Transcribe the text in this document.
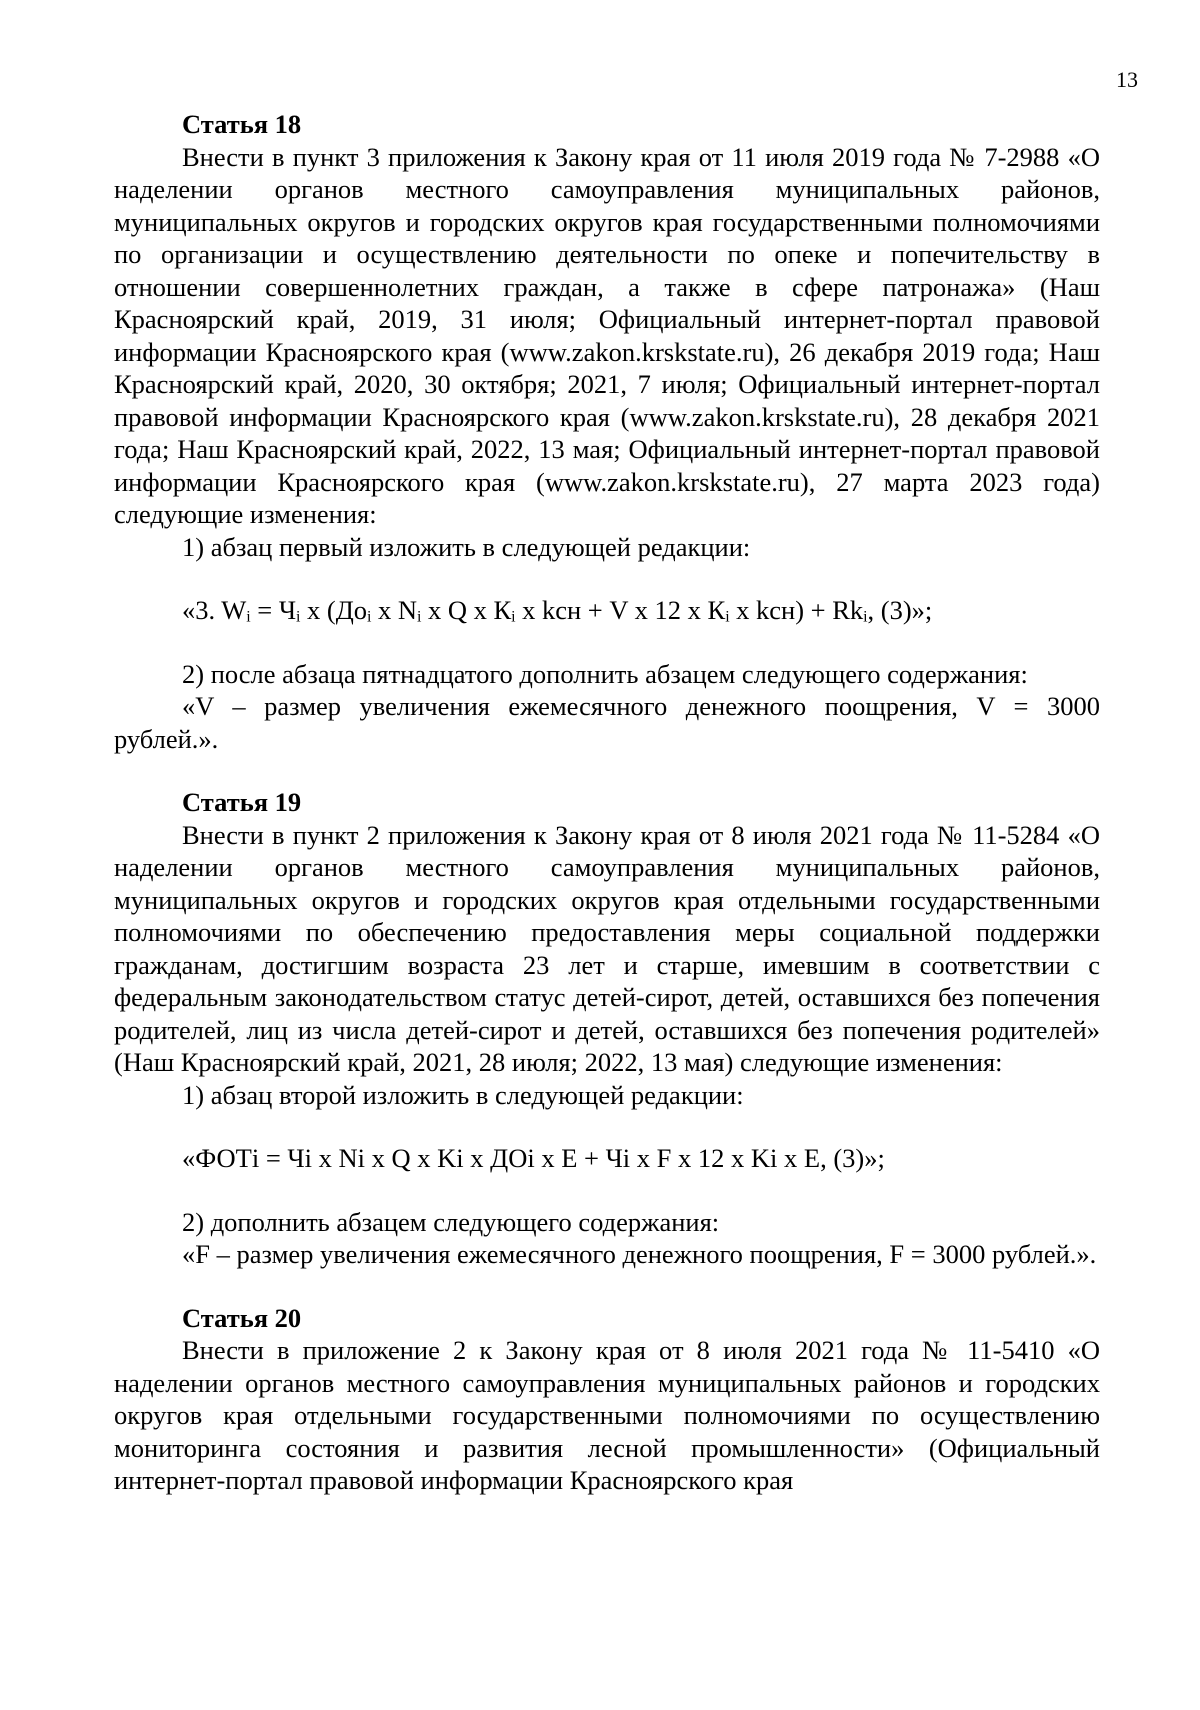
13

Статья 18

Внести в пункт 3 приложения к Закону края от 11 июля 2019 года № 7-2988 «О наделении органов местного самоуправления муниципальных районов, муниципальных округов и городских округов края государственными полномочиями по организации и осуществлению деятельности по опеке и попечительству в отношении совершеннолетних граждан, а также в сфере патронажа» (Наш Красноярский край, 2019, 31 июля; Официальный интернет-портал правовой информации Красноярского края (www.zakon.krskstate.ru), 26 декабря 2019 года; Наш Красноярский край, 2020, 30 октября; 2021, 7 июля; Официальный интернет-портал правовой информации Красноярского края (www.zakon.krskstate.ru), 28 декабря 2021 года; Наш Красноярский край, 2022, 13 мая; Официальный интернет-портал правовой информации Красноярского края (www.zakon.krskstate.ru), 27 марта 2023 года) следующие изменения:

1) абзац первый изложить в следующей редакции:

«3. Wᵢ = Чᵢ x (Доᵢ x Nᵢ x Q x Кᵢ x kсн + V x 12 x Кᵢ x kсн) + Rkᵢ, (3)»;

2) после абзаца пятнадцатого дополнить абзацем следующего содержания:

«V – размер увеличения ежемесячного денежного поощрения, V = 3000 рублей.».

Статья 19

Внести в пункт 2 приложения к Закону края от 8 июля 2021 года № 11-5284 «О наделении органов местного самоуправления муниципальных районов, муниципальных округов и городских округов края отдельными государственными полномочиями по обеспечению предоставления меры социальной поддержки гражданам, достигшим возраста 23 лет и старше, имевшим в соответствии с федеральным законодательством статус детей-сирот, детей, оставшихся без попечения родителей, лиц из числа детей-сирот и детей, оставшихся без попечения родителей» (Наш Красноярский край, 2021, 28 июля; 2022, 13 мая) следующие изменения:

1) абзац второй изложить в следующей редакции:

«ФОТi = Чi x Ni x Q x Ki x ДОi x Е + Чi x F x 12 x Ki x Е, (3)»;

2) дополнить абзацем следующего содержания:

«F – размер увеличения ежемесячного денежного поощрения, F = 3000 рублей.».

Статья 20

Внести в приложение 2 к Закону края от 8 июля 2021 года № 11-5410 «О наделении органов местного самоуправления муниципальных районов и городских округов края отдельными государственными полномочиями по осуществлению мониторинга состояния и развития лесной промышленности» (Официальный интернет-портал правовой информации Красноярского края
